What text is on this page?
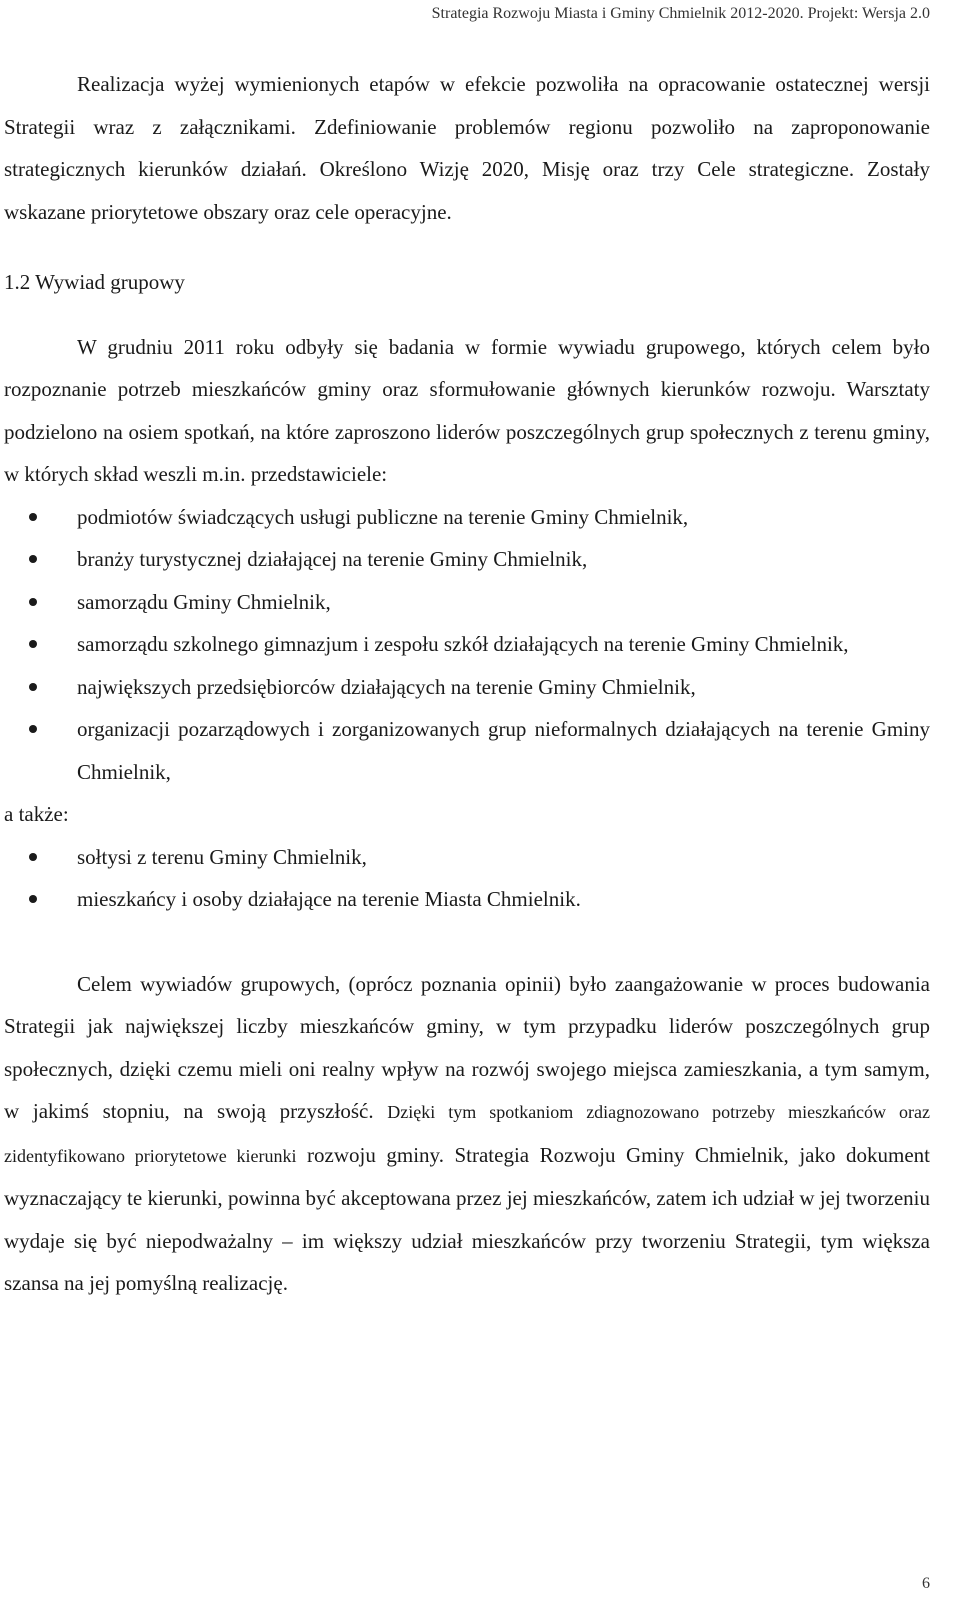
Strategia Rozwoju Miasta i Gminy Chmielnik 2012-2020. Projekt: Wersja 2.0

Realizacja wyżej wymienionych etapów w efekcie pozwoliła na opracowanie ostatecznej wersji Strategii wraz z załącznikami. Zdefiniowanie problemów regionu pozwoliło na zaproponowanie strategicznych kierunków działań. Określono Wizję 2020, Misję oraz trzy Cele strategiczne. Zostały wskazane priorytetowe obszary oraz cele operacyjne.

1.2 Wywiad grupowy

W grudniu 2011 roku odbyły się badania w formie wywiadu grupowego, których celem było rozpoznanie potrzeb mieszkańców gminy oraz sformułowanie głównych kierunków rozwoju. Warsztaty podzielono na osiem spotkań, na które zaproszono liderów poszczególnych grup społecznych z terenu gminy, w których skład weszli m.in. przedstawiciele:

podmiotów świadczących usługi publiczne na terenie Gminy Chmielnik,
branży turystycznej działającej na terenie Gminy Chmielnik,
samorządu Gminy Chmielnik,
samorządu szkolnego gimnazjum i zespołu szkół działających na terenie Gminy Chmielnik,
największych przedsiębiorców działających na terenie Gminy Chmielnik,
organizacji pozarządowych i zorganizowanych grup nieformalnych działających na terenie Gminy Chmielnik,

a także:

sołtysi z terenu Gminy Chmielnik,
mieszkańcy i osoby działające na terenie Miasta Chmielnik.

Celem wywiadów grupowych, (oprócz poznania opinii) było zaangażowanie w proces budowania Strategii jak największej liczby mieszkańców gminy, w tym przypadku liderów poszczególnych grup społecznych, dzięki czemu mieli oni realny wpływ na rozwój swojego miejsca zamieszkania, a tym samym, w jakimś stopniu, na swoją przyszłość. Dzięki tym spotkaniom zdiagnozowano potrzeby mieszkańców oraz zidentyfikowano priorytetowe kierunki rozwoju gminy. Strategia Rozwoju Gminy Chmielnik, jako dokument wyznaczający te kierunki, powinna być akceptowana przez jej mieszkańców, zatem ich udział w jej tworzeniu wydaje się być niepodważalny – im większy udział mieszkańców przy tworzeniu Strategii, tym większa szansa na jej pomyślną realizację.

6
